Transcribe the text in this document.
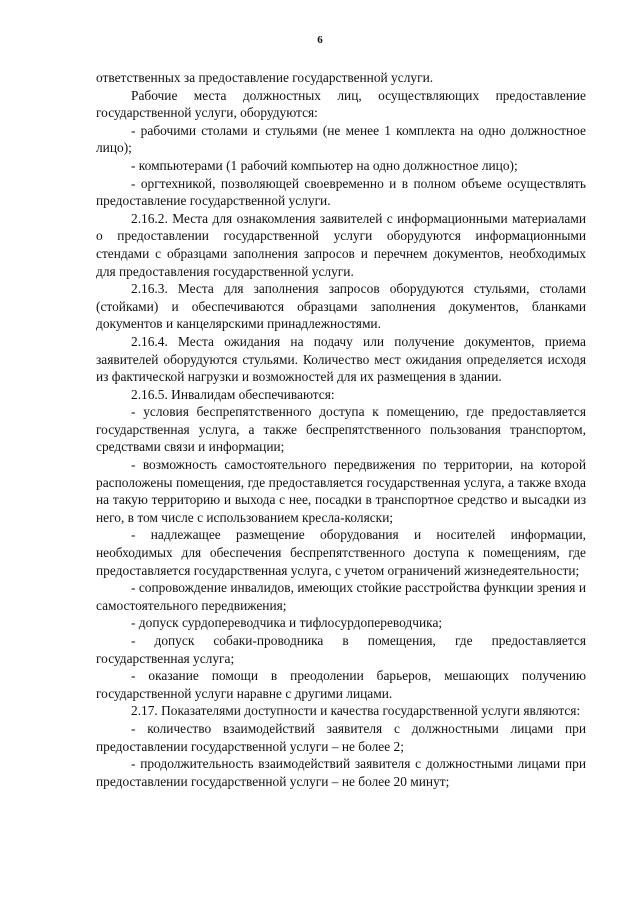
6

ответственных за предоставление государственной услуги.

Рабочие места должностных лиц, осуществляющих предоставление государственной услуги, оборудуются:

- рабочими столами и стульями (не менее 1 комплекта на одно должностное лицо);

- компьютерами (1 рабочий компьютер на одно должностное лицо);

- оргтехникой, позволяющей своевременно и в полном объеме осуществлять предоставление государственной услуги.

2.16.2. Места для ознакомления заявителей с информационными материалами о предоставлении государственной услуги оборудуются информационными стендами с образцами заполнения запросов и перечнем документов, необходимых для предоставления государственной услуги.

2.16.3. Места для заполнения запросов оборудуются стульями, столами (стойками) и обеспечиваются образцами заполнения документов, бланками документов и канцелярскими принадлежностями.

2.16.4. Места ожидания на подачу или получение документов, приема заявителей оборудуются стульями. Количество мест ожидания определяется исходя из фактической нагрузки и возможностей для их размещения в здании.

2.16.5. Инвалидам обеспечиваются:

- условия беспрепятственного доступа к помещению, где предоставляется государственная услуга, а также беспрепятственного пользования транспортом, средствами связи и информации;

- возможность самостоятельного передвижения по территории, на которой расположены помещения, где предоставляется государственная услуга, а также входа на такую территорию и выхода с нее, посадки в транспортное средство и высадки из него, в том числе с использованием кресла-коляски;

- надлежащее размещение оборудования и носителей информации, необходимых для обеспечения беспрепятственного доступа к помещениям, где предоставляется государственная услуга, с учетом ограничений жизнедеятельности;

- сопровождение инвалидов, имеющих стойкие расстройства функции зрения и самостоятельного передвижения;

- допуск сурдопереводчика и тифлосурдопереводчика;

- допуск собаки-проводника в помещения, где предоставляется государственная услуга;

- оказание помощи в преодолении барьеров, мешающих получению государственной услуги наравне с другими лицами.

2.17. Показателями доступности и качества государственной услуги являются:

- количество взаимодействий заявителя с должностными лицами при предоставлении государственной услуги – не более 2;

- продолжительность взаимодействий заявителя с должностными лицами при предоставлении государственной услуги – не более 20 минут;
